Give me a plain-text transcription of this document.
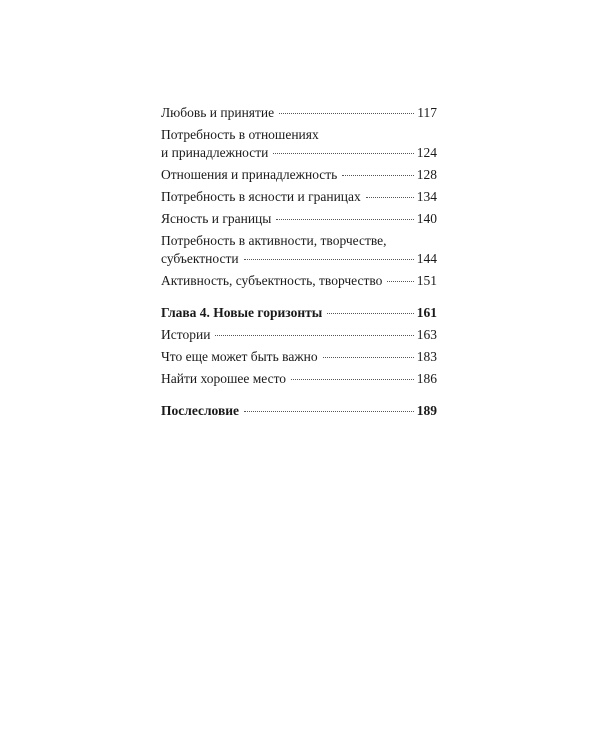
Любовь и принятие	117
Потребность в отношениях
и принадлежности	124
Отношения и принадлежность	128
Потребность в ясности и границах	134
Ясность и границы	140
Потребность в активности, творчестве,
субъектности	144
Активность, субъектность, творчество	151
Глава 4. Новые горизонты	161
Истории	163
Что еще может быть важно	183
Найти хорошее место	186
Послесловие	189
